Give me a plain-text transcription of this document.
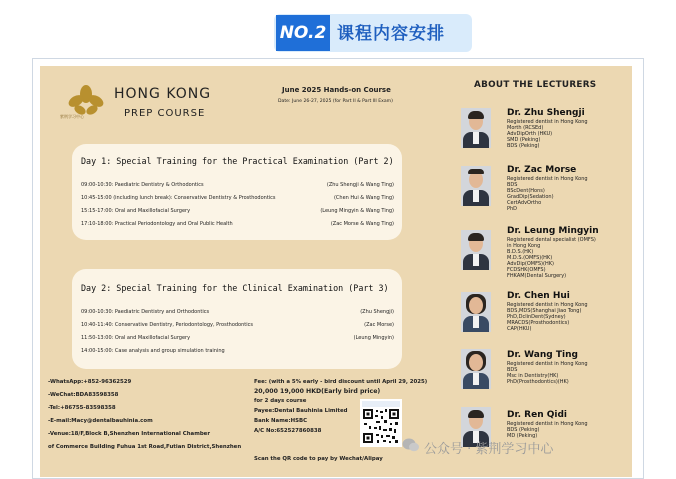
NO.2 课程内容安排
紫荆学习中心
HONG KONG
PREP COURSE
June 2025 Hands-on Course
Date: June 26-27, 2025 (for Part II & Part III Exam)
Day 1: Special Training for the Practical Examination (Part 2)
09:00-10:30: Paediatric Dentistry & Orthodontics	(Zhu Shengji & Wang Ting)
10:45-15:00 (including lunch break): Conservative Dentistry & Prosthodontics	(Chen Hui & Wang Ting)
15:15-17:00: Oral and Maxillofacial Surgery	(Leung Mingyin & Wang Ting)
17:10-18:00: Practical Periodontology and Oral Public Health	(Zac Morse & Wang Ting)
Day 2: Special Training for the Clinical Examination (Part 3)
09:00-10:30: Paediatric Dentistry and Orthodontics	(Zhu Shengji)
10:40-11:40: Conservative Dentistry, Periodontology, Prosthodontics	(Zac Morse)
11:50-13:00: Oral and Maxillofacial Surgery	(Leung Mingyin)
14:00-15:00: Case analysis and group simulation training
-WhatsApp:+852-96362529
-WeChat:BDA83598358
-Tel:+86755-83598358
-E-mail:Macy@dentalbauhinia.com
-Venue:18/F,Block B,Shenzhen International Chamber
of Commerce Building Fuhua 1st Road,Futian District,Shenzhen
Fee: (with a 5% early - bird discount until April 29, 2025)
20,000 19,000 HKD(Early bird price)
for 2 days course
Payee:Dental Bauhinia Limited
Bank Name:HSBC
A/C No:652527860838
Scan the QR code to pay by Wechat/Alipay
ABOUT THE LECTURERS
Dr. Zhu Shengji
Registered dentist in Hong Kong
Morth (RCSEd)
AdvDipOrth (HKU)
SMD (Peking)
BDS (Peking)
Dr. Zac Morse
Registered dentist in Hong Kong
BDS
BScDent(Hons)
GradDip(Sedation)
CertAdvOrtho
PhD
Dr. Leung Mingyin
Registered dental specialist (OMFS)
in Hong Kong
B.D.S.(HK)
M.D.S.(OMFS)(HK)
AdvDip(OMFS)(HK)
FCDSHK(OMFS)
FHKAM(Dental Surgery)
Dr. Chen Hui
Registered dentist in Hong Kong
BDS,MDS(Shanghai Jiao Tong)
PhD,DclinDent(Sydney)
MRACDS(Prosthodontics)
CAP(HKU)
Dr. Wang Ting
Registered dentist in Hong Kong
BDS
Msc in Dentistry(HK)
PhD(Prosthodontics)(HK)
Dr. Ren Qidi
Registered dentist in Hong Kong
BDS (Peking)
MD (Peking)
公众号 · 紫荆学习中心
